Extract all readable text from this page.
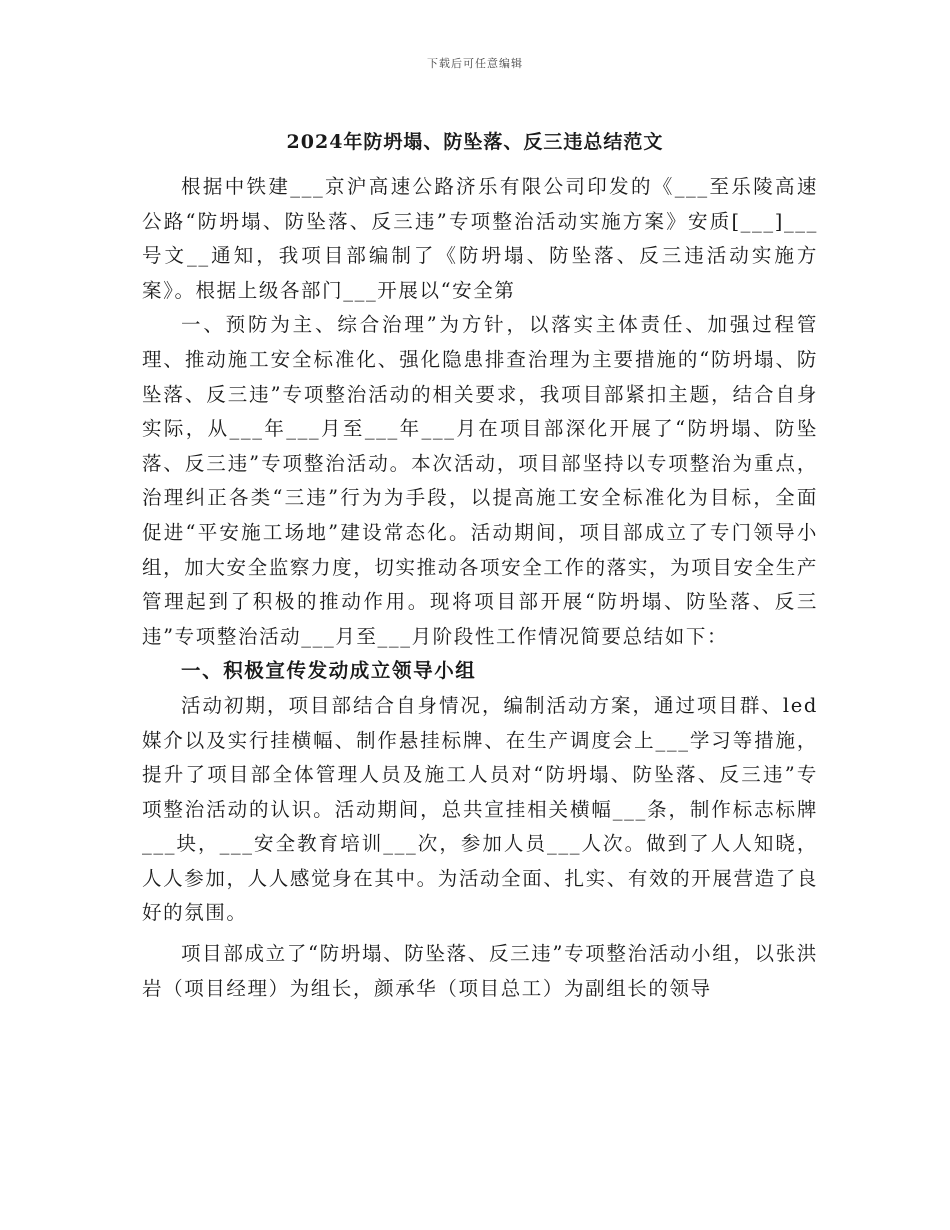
下载后可任意编辑
2024年防坍塌、防坠落、反三违总结范文

根据中铁建___京沪高速公路济乐有限公司印发的《___至乐陵高速公路“防坍塌、防坠落、反三违”专项整治活动实施方案》安质[___]___号文__通知，我项目部编制了《防坍塌、防坠落、反三违活动实施方案》。根据上级各部门___开展以“安全第

一、预防为主、综合治理”为方针，以落实主体责任、加强过程管理、推动施工安全标准化、强化隐患排查治理为主要措施的“防坍塌、防坠落、反三违”专项整治活动的相关要求，我项目部紧扣主题，结合自身实际，从___年___月至___年___月在项目部深化开展了“防坍塌、防坠落、反三违”专项整治活动。本次活动，项目部坚持以专项整治为重点，治理纠正各类“三违”行为为手段，以提高施工安全标准化为目标，全面促进“平安施工场地”建设常态化。活动期间，项目部成立了专门领导小组，加大安全监察力度，切实推动各项安全工作的落实，为项目安全生产管理起到了积极的推动作用。现将项目部开展“防坍塌、防坠落、反三违”专项整治活动___月至___月阶段性工作情况简要总结如下：

一、积极宣传发动成立领导小组

活动初期，项目部结合自身情况，编制活动方案，通过项目群、led媒介以及实行挂横幅、制作悬挂标牌、在生产调度会上___学习等措施，提升了项目部全体管理人员及施工人员对“防坍塌、防坠落、反三违”专项整治活动的认识。活动期间，总共宣挂相关横幅___条，制作标志标牌___块，___安全教育培训___次，参加人员___人次。做到了人人知晓，人人参加，人人感觉身在其中。为活动全面、扎实、有效的开展营造了良好的氛围。

项目部成立了“防坍塌、防坠落、反三违”专项整治活动小组，以张洪岩（项目经理）为组长，颜承华（项目总工）为副组长的领导
